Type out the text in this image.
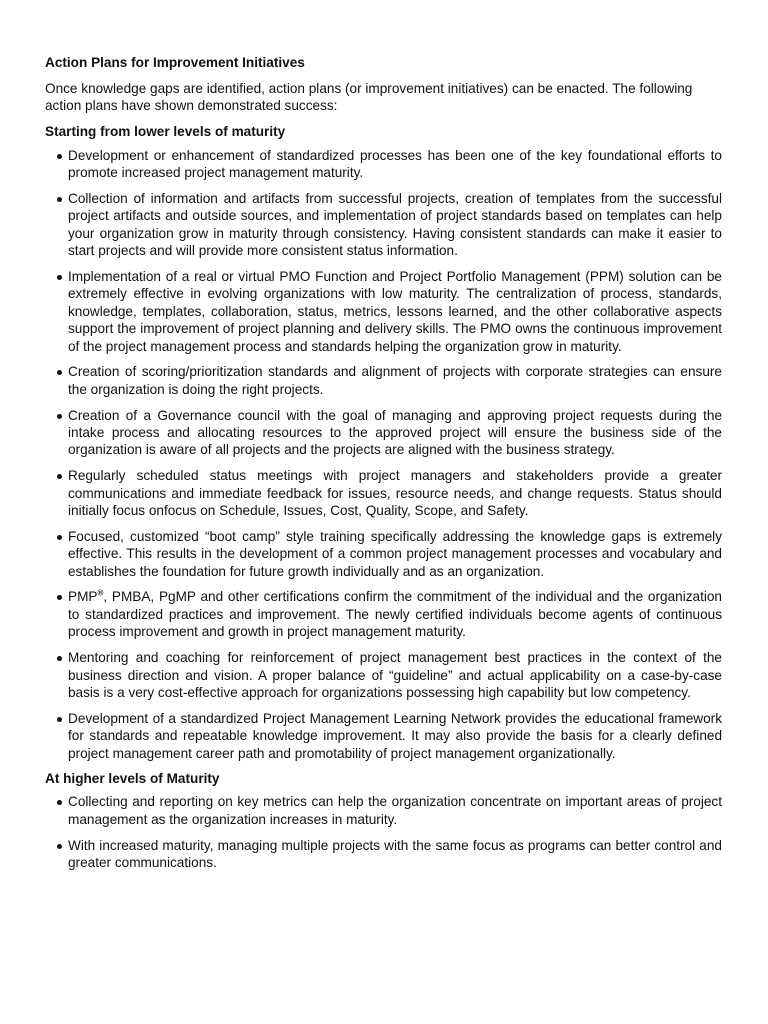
Action Plans for Improvement Initiatives
Once knowledge gaps are identified, action plans (or improvement initiatives) can be enacted. The following action plans have shown demonstrated success:
Starting from lower levels of maturity
Development or enhancement of standardized processes has been one of the key foundational efforts to promote increased project management maturity.
Collection of information and artifacts from successful projects, creation of templates from the successful project artifacts and outside sources, and implementation of project standards based on templates can help your organization grow in maturity through consistency. Having consistent standards can make it easier to start projects and will provide more consistent status information.
Implementation of a real or virtual PMO Function and Project Portfolio Management (PPM) solution can be extremely effective in evolving organizations with low maturity. The centralization of process, standards, knowledge, templates, collaboration, status, metrics, lessons learned, and the other collaborative aspects support the improvement of project planning and delivery skills. The PMO owns the continuous improvement of the project management process and standards helping the organization grow in maturity.
Creation of scoring/prioritization standards and alignment of projects with corporate strategies can ensure the organization is doing the right projects.
Creation of a Governance council with the goal of managing and approving project requests during the intake process and allocating resources to the approved project will ensure the business side of the organization is aware of all projects and the projects are aligned with the business strategy.
Regularly scheduled status meetings with project managers and stakeholders provide a greater communications and immediate feedback for issues, resource needs, and change requests. Status should initially focus onfocus on Schedule, Issues, Cost, Quality, Scope, and Safety.
Focused, customized “boot camp” style training specifically addressing the knowledge gaps is extremely effective. This results in the development of a common project management processes and vocabulary and establishes the foundation for future growth individually and as an organization.
PMP®, PMBA, PgMP and other certifications confirm the commitment of the individual and the organization to standardized practices and improvement. The newly certified individuals become agents of continuous process improvement and growth in project management maturity.
Mentoring and coaching for reinforcement of project management best practices in the context of the business direction and vision. A proper balance of “guideline” and actual applicability on a case-by-case basis is a very cost-effective approach for organizations possessing high capability but low competency.
Development of a standardized Project Management Learning Network provides the educational framework for standards and repeatable knowledge improvement. It may also provide the basis for a clearly defined project management career path and promotability of project management organizationally.
At higher levels of Maturity
Collecting and reporting on key metrics can help the organization concentrate on important areas of project management as the organization increases in maturity.
With increased maturity, managing multiple projects with the same focus as programs can better control and greater communications.
